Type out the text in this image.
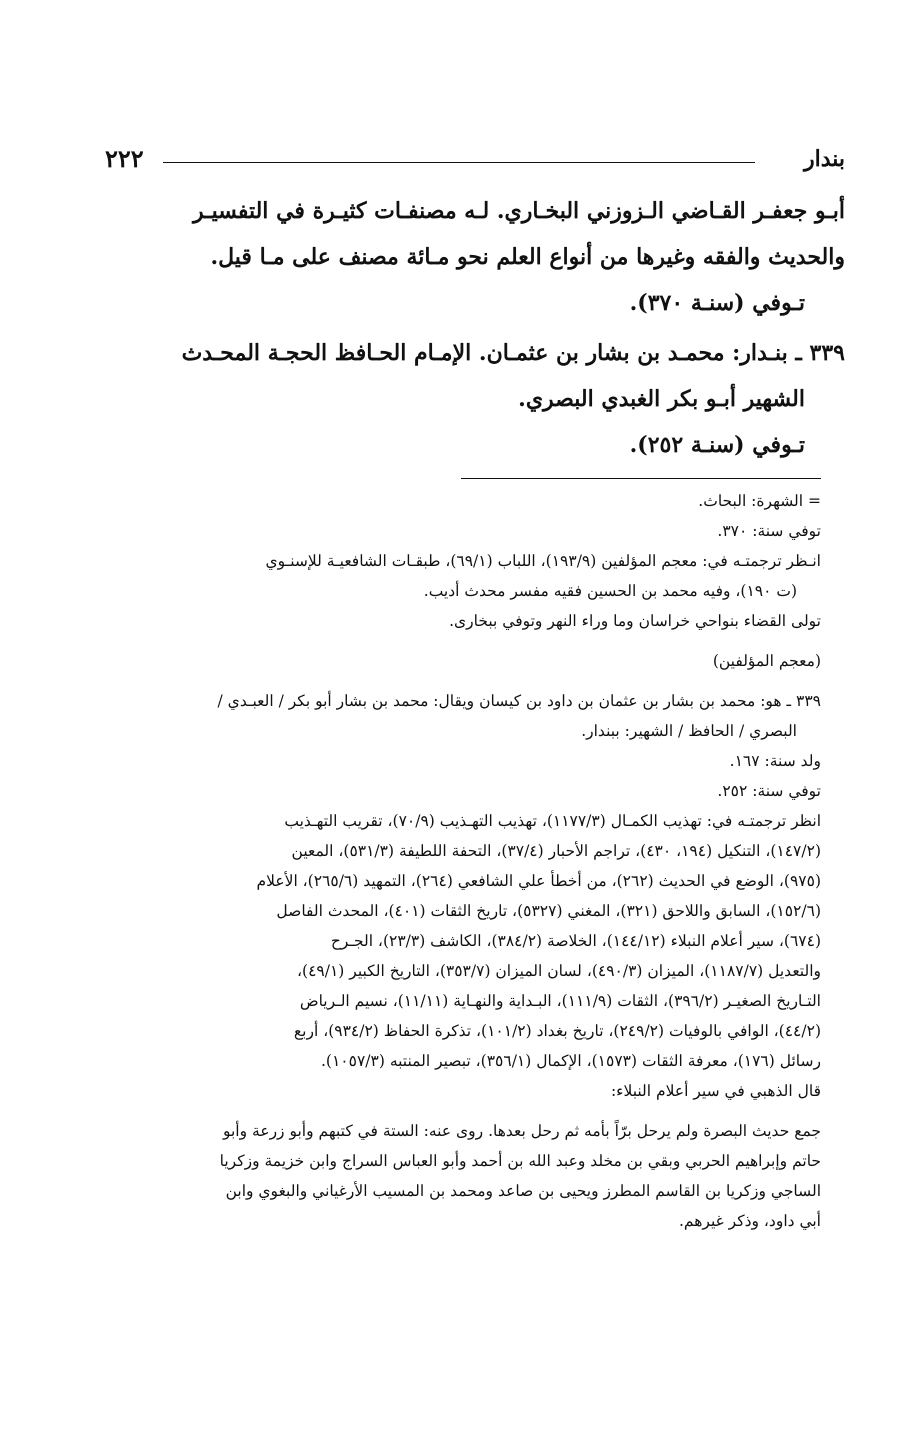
بندار
٢٢٢

أبـو جعفـر القـاضي الـزوزني البخـاري. لـه مصنفـات كثيـرة في التفسيـر

والحديث والفقه وغيرها من أنواع العلم نحو مـائة مصنف على مـا قيل.

تـوفي (سنـة ٣٧٠).

٣٣٩ ـ بنـدار: محمـد بن بشار بن عثمـان. الإمـام الحـافظ الحجـة المحـدث

الشهير أبـو بكر الغبدي البصري.

تـوفي (سنـة ٢٥٢).

= الشهرة: البحاث.

توفي سنة: ٣٧٠.

انـظر ترجمتـه في: معجم المؤلفين (١٩٣/٩)، اللباب (٦٩/١)، طبقـات الشافعيـة للإسنـوي

(ت ١٩٠)، وفيه محمد بن الحسين فقيه مفسر محدث أديب.

تولى القضاء بنواحي خراسان وما وراء النهر وتوفي ببخارى.

(معجم المؤلفين)

٣٣٩ ـ هو: محمد بن بشار بن عثمان بن داود بن كيسان ويقال: محمد بن بشار أبو بكر / العبـدي /

البصري / الحافظ / الشهير: ببندار.

ولد سنة: ١٦٧.

توفي سنة: ٢٥٢.

انظر ترجمتـه في: تهذيب الكمـال (١١٧٧/٣)، تهذيب التهـذيب (٧٠/٩)، تقريب التهـذيب

(١٤٧/٢)، التنكيل (١٩٤، ٤٣٠)، تراجم الأحبار (٣٧/٤)، التحفة اللطيفة (٥٣١/٣)، المعين

(٩٧٥)، الوضع في الحديث (٢٦٢)، من أخطأ علي الشافعي (٢٦٤)، التمهيد (٢٦٥/٦)، الأعلام

(١٥٢/٦)، السابق واللاحق (٣٢١)، المغني (٥٣٢٧)، تاريخ الثقات (٤٠١)، المحدث الفاصل

(٦٧٤)، سير أعلام النبلاء (١٤٤/١٢)، الخلاصة (٣٨٤/٢)، الكاشف (٢٣/٣)، الجـرح

والتعديل (١١٨٧/٧)، الميزان (٤٩٠/٣)، لسان الميزان (٣٥٣/٧)، التاريخ الكبير (٤٩/١)،

التـاريخ الصغيـر (٣٩٦/٢)، الثقات (١١١/٩)، البـداية والنهـاية (١١/١١)، نسيم الـرياض

(٤٤/٢)، الوافي بالوفيات (٢٤٩/٢)، تاريخ بغداد (١٠١/٢)، تذكرة الحفاظ (٩٣٤/٢)، أربع

رسائل (١٧٦)، معرفة الثقات (١٥٧٣)، الإكمال (٣٥٦/١)، تبصير المنتبه (١٠٥٧/٣).

قال الذهبي في سير أعلام النبلاء:

جمع حديث البصرة ولم يرحل برّاً بأمه ثم رحل بعدها. روى عنه: الستة في كتبهم وأبو زرعة وأبو

حاتم وإبراهيم الحربي وبقي بن مخلد وعبد الله بن أحمد وأبو العباس السراج وابن خزيمة وزكريا

الساجي وزكريا بن القاسم المطرز ويحيى بن صاعد ومحمد بن المسيب الأرغياني والبغوي وابن

أبي داود، وذكر غيرهم.
